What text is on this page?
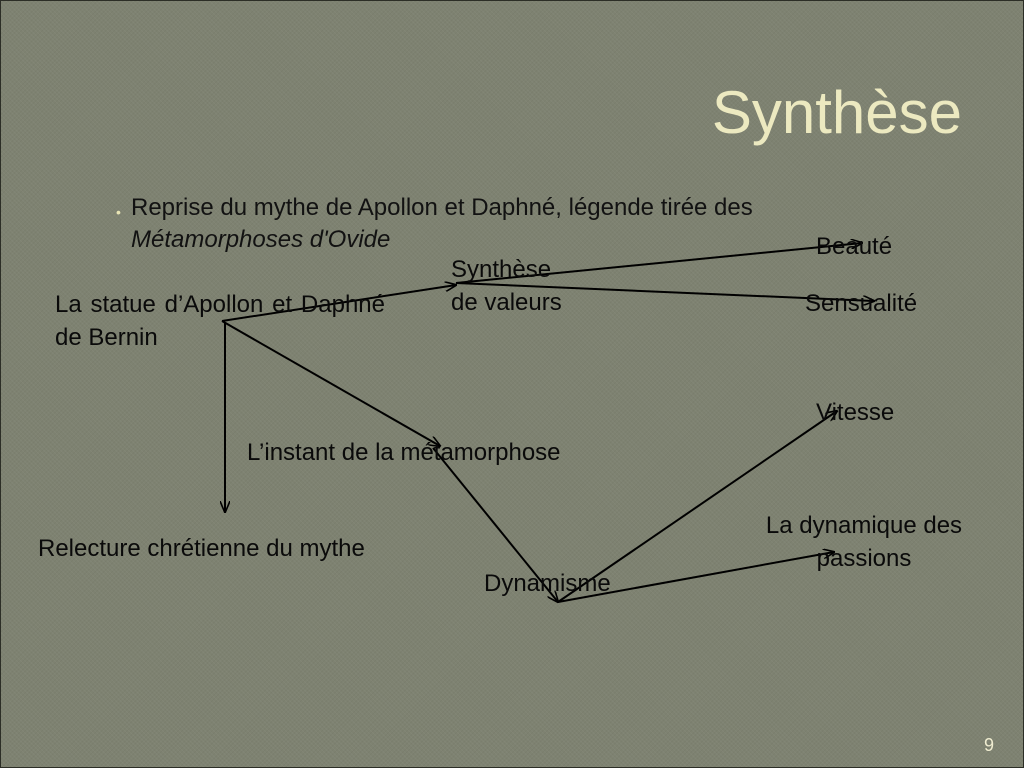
Synthèse
• Reprise du mythe de Apollon et Daphné, légende tirée des
Métamorphoses d'Ovide
La statue d’Apollon et Daphné de Bernin
Synthèse de valeurs
Beauté
Sensualité
Vitesse
L’instant de la métamorphose
La dynamique des passions
Relecture chrétienne du mythe
Dynamisme
9
